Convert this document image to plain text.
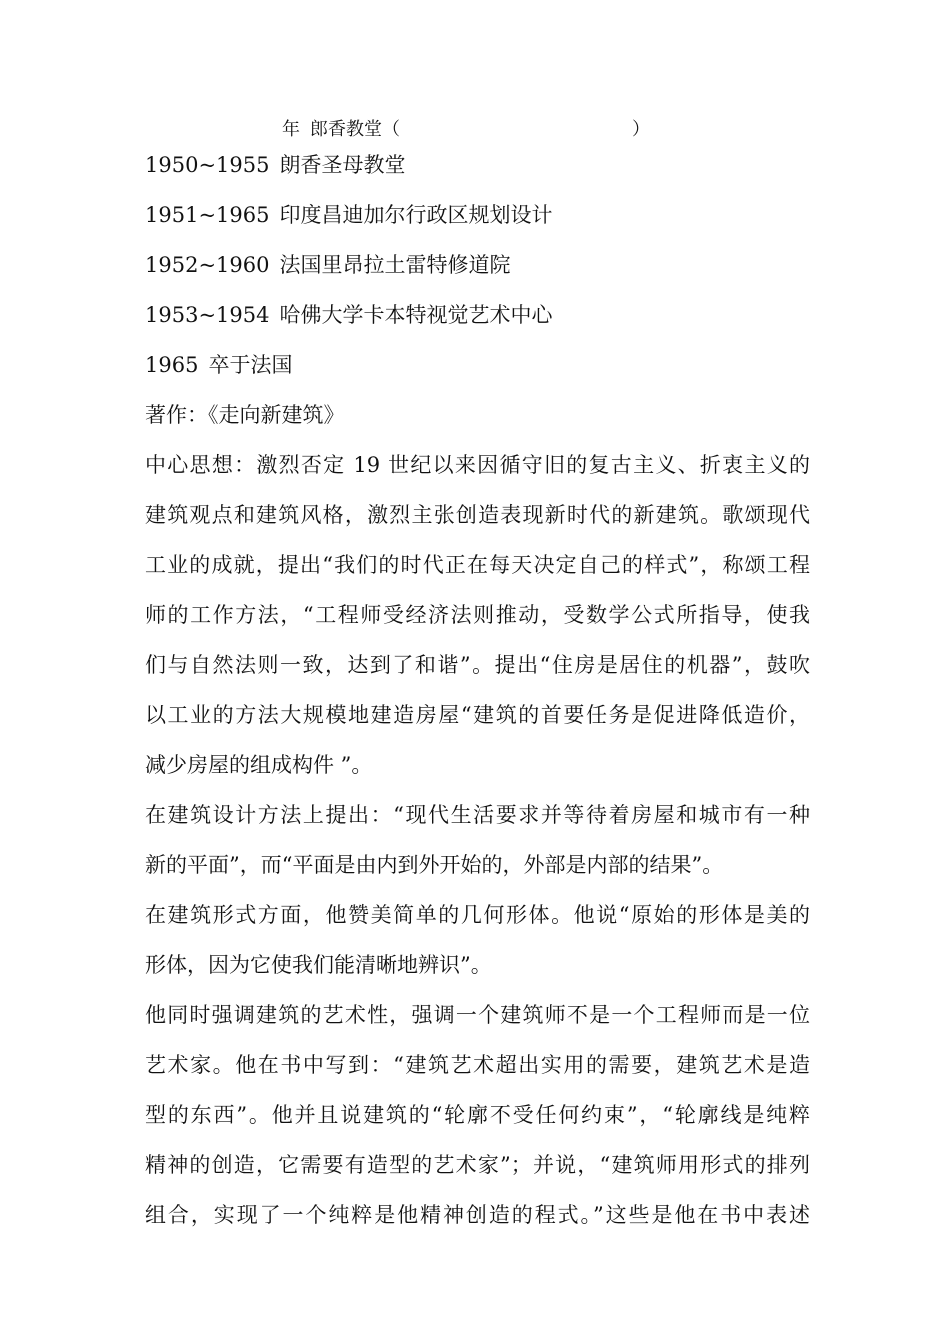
年 郎香教堂（	）
1950~1955 朗香圣母教堂
1951~1965 印度昌迪加尔行政区规划设计
1952~1960 法国里昂拉土雷特修道院
1953~1954 哈佛大学卡本特视觉艺术中心
1965 卒于法国
著作：《走向新建筑》
中心思想：激烈否定 19 世纪以来因循守旧的复古主义、折衷主义的
建筑观点和建筑风格，激烈主张创造表现新时代的新建筑。歌颂现代
工业的成就，提出“我们的时代正在每天决定自己的样式”，称颂工程
师的工作方法，“工程师受经济法则推动，受数学公式所指导，使我
们与自然法则一致，达到了和谐”。提出“住房是居住的机器”，鼓吹
以工业的方法大规模地建造房屋“建筑的首要任务是促进降低造价，
减少房屋的组成构件 ”。
在建筑设计方法上提出：“现代生活要求并等待着房屋和城市有一种
新的平面”，而“平面是由内到外开始的，外部是内部的结果”。
在建筑形式方面，他赞美简单的几何形体。他说“原始的形体是美的
形体，因为它使我们能清晰地辨识”。
他同时强调建筑的艺术性，强调一个建筑师不是一个工程师而是一位
艺术家。他在书中写到：“建筑艺术超出实用的需要，建筑艺术是造
型的东西”。他并且说建筑的“轮廓不受任何约束”，“轮廓线是纯粹
精神的创造，它需要有造型的艺术家”；并说，“建筑师用形式的排列
组合，实现了一个纯粹是他精神创造的程式。”这些是他在书中表述
